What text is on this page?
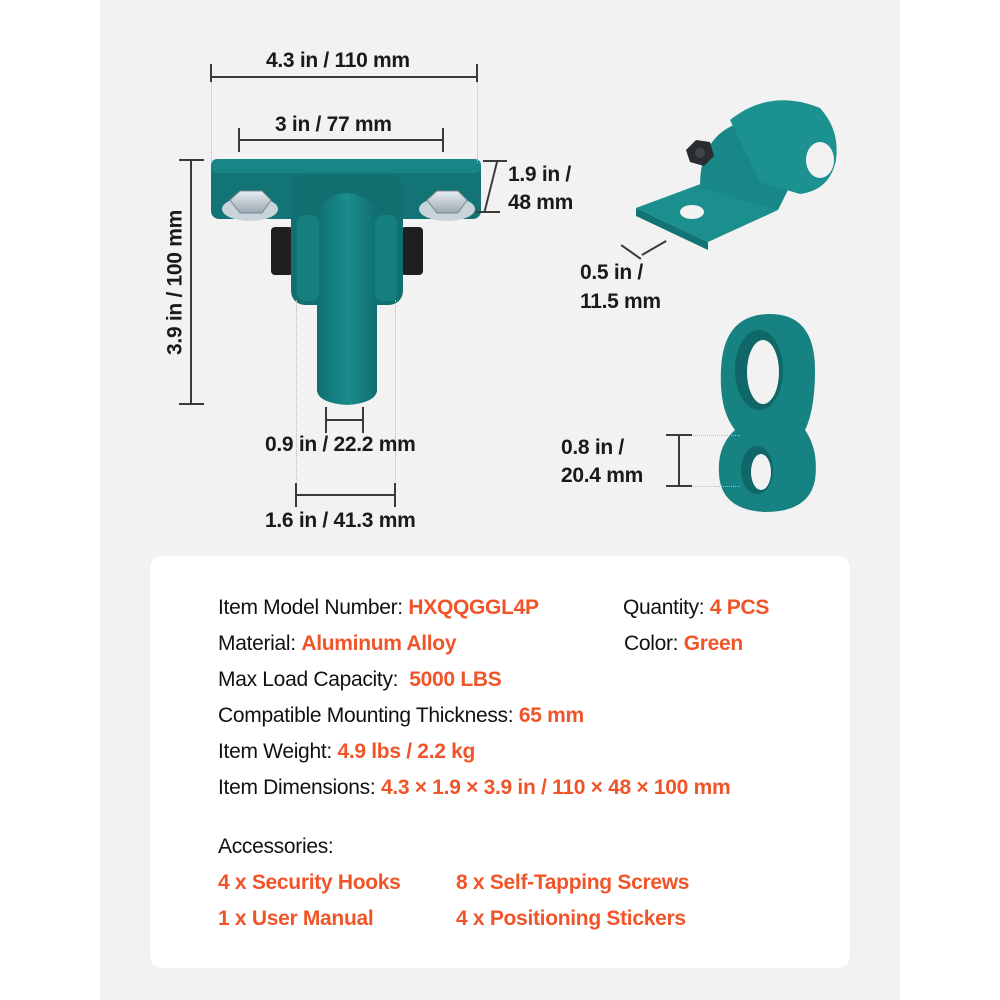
4.3 in / 110 mm
3 in / 77 mm
1.9 in /
48 mm
3.9 in / 100 mm
0.9 in / 22.2 mm
1.6 in / 41.3 mm
0.5 in /
11.5 mm
0.8 in /
20.4 mm
Item Model Number: HXQQGGL4P	Quantity: 4 PCS
Material: Aluminum Alloy	Color: Green
Max Load Capacity:  5000 LBS
Compatible Mounting Thickness: 65 mm
Item Weight: 4.9 lbs / 2.2 kg
Item Dimensions: 4.3 × 1.9 × 3.9 in / 110 × 48 × 100 mm
Accessories:
4 x Security Hooks	8 x Self-Tapping Screws
1 x User Manual	4 x Positioning Stickers
